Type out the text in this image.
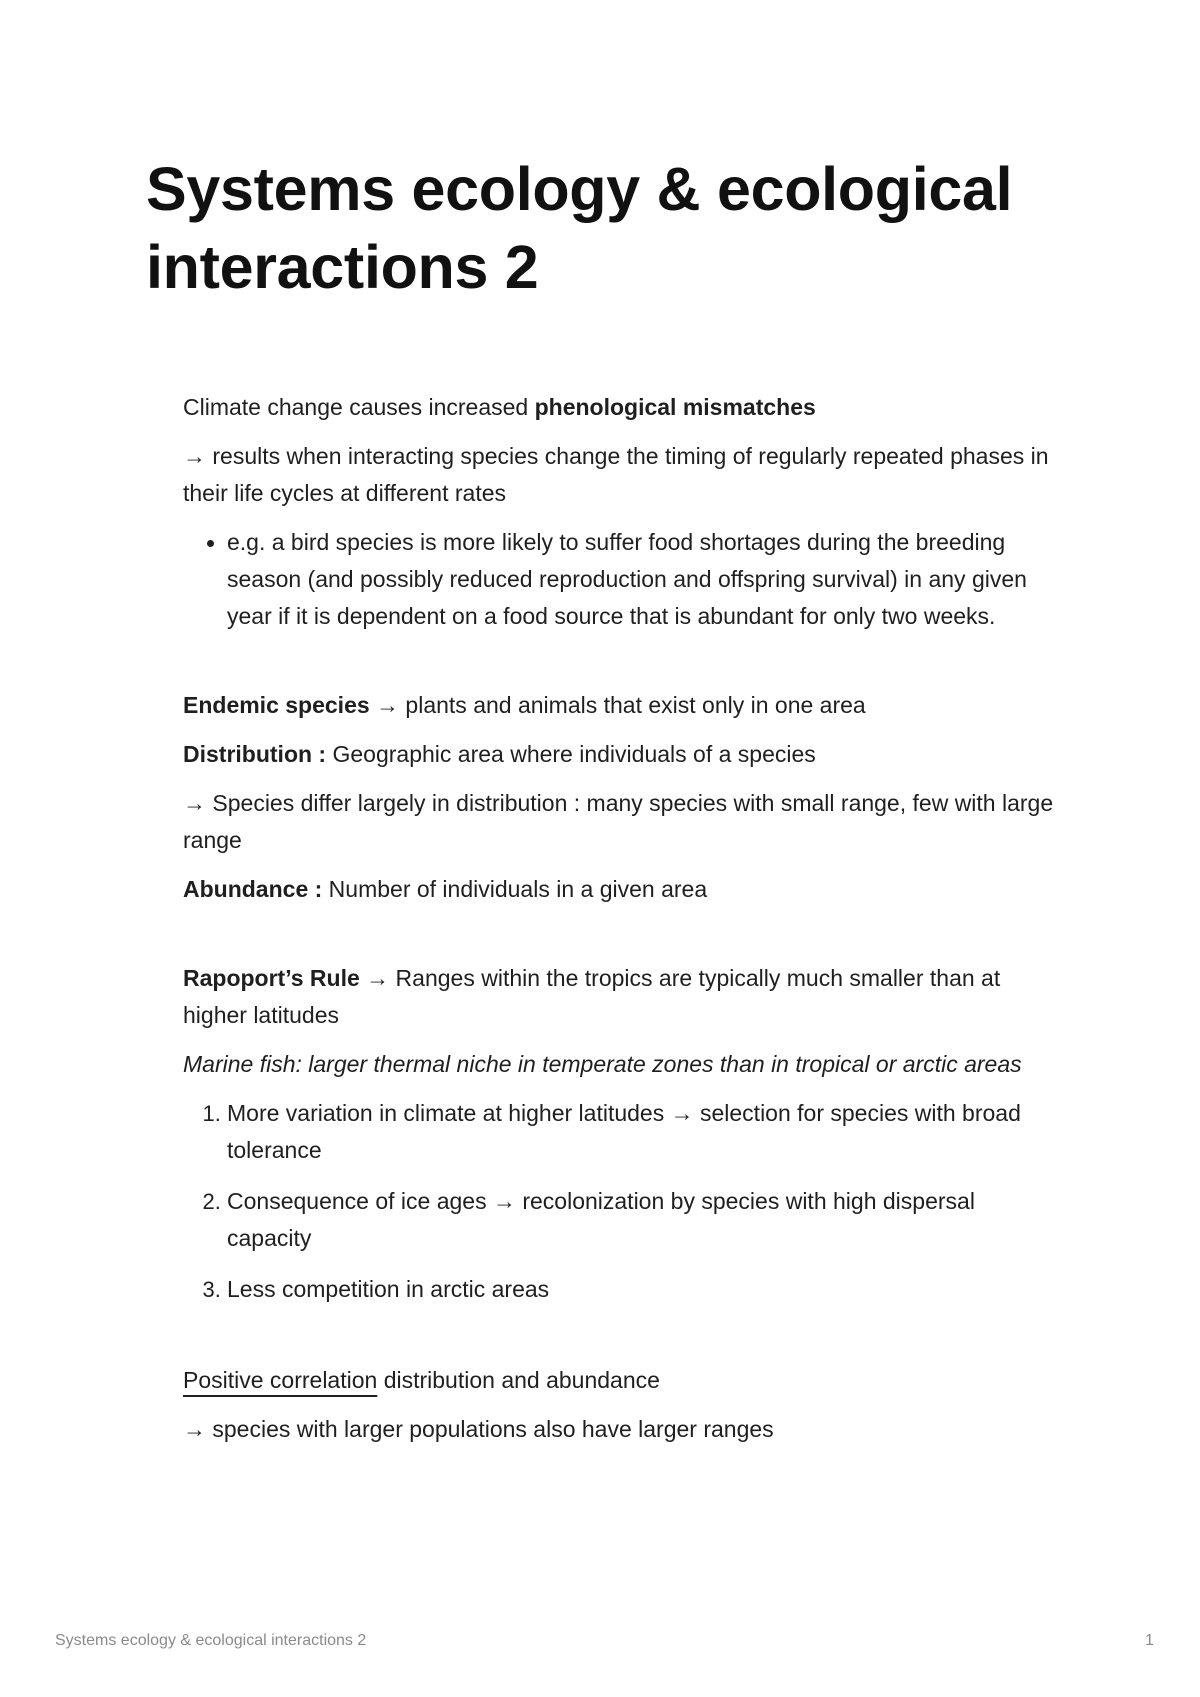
Systems ecology & ecological interactions 2

Climate change causes increased phenological mismatches

→ results when interacting species change the timing of regularly repeated phases in their life cycles at different rates

• e.g. a bird species is more likely to suffer food shortages during the breeding season (and possibly reduced reproduction and offspring survival) in any given year if it is dependent on a food source that is abundant for only two weeks.

Endemic species → plants and animals that exist only in one area

Distribution : Geographic area where individuals of a species

→ Species differ largely in distribution : many species with small range, few with large range

Abundance : Number of individuals in a given area

Rapoport’s Rule → Ranges within the tropics are typically much smaller than at higher latitudes

Marine fish: larger thermal niche in temperate zones than in tropical or arctic areas

1. More variation in climate at higher latitudes → selection for species with broad tolerance
2. Consequence of ice ages → recolonization by species with high dispersal capacity
3. Less competition in arctic areas

Positive correlation distribution and abundance

→ species with larger populations also have larger ranges

Systems ecology & ecological interactions 2	1
